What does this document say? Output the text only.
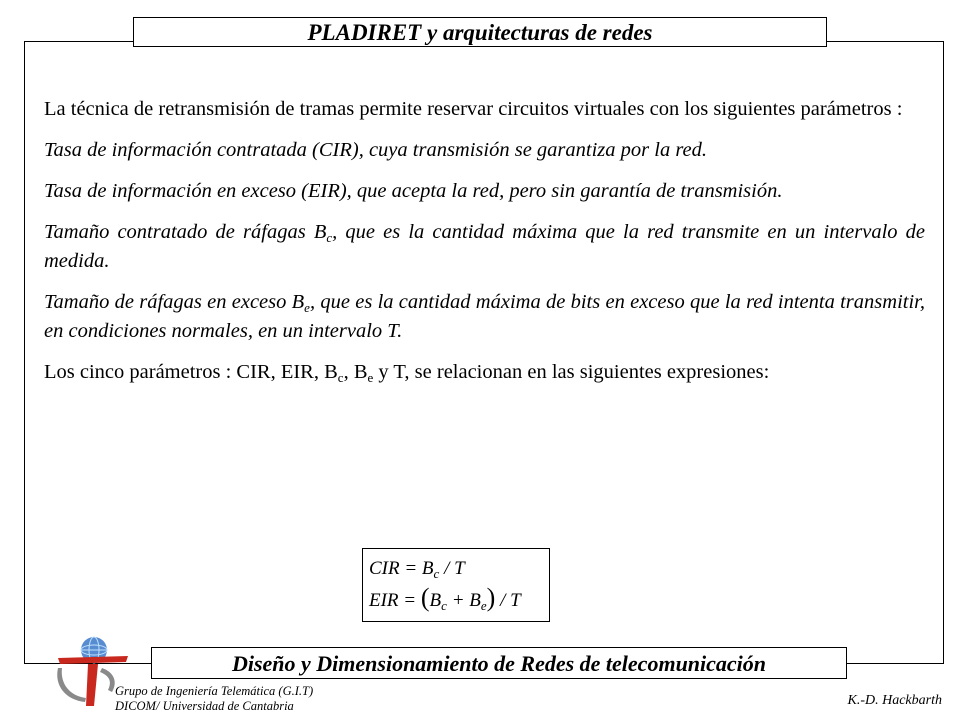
PLADIRET y arquitecturas de redes

La técnica de retransmisión de tramas permite reservar circuitos virtuales con los siguientes parámetros :

Tasa de información contratada (CIR), cuya transmisión se garantiza por la red.

Tasa de información en exceso (EIR), que acepta la red, pero sin garantía de transmisión.

Tamaño contratado de ráfagas $B_c$, que es la cantidad máxima que la red transmite en un intervalo de medida.

Tamaño de ráfagas en exceso $B_e$, que es la cantidad máxima de bits en exceso que la red intenta transmitir, en condiciones normales, en un intervalo T.

Los cinco parámetros : CIR, EIR, $B_c$, $B_e$ y T, se relacionan en las siguientes expresiones:

CIR = $B_c$ / T
EIR = $(B_c + B_e) / T$
Diseño y Dimensionamiento de Redes de telecomunicación
Grupo de Ingeniería Telemática (G.I.T)
DICOM/ Universidad de Cantabria	K.-D. Hackbarth
